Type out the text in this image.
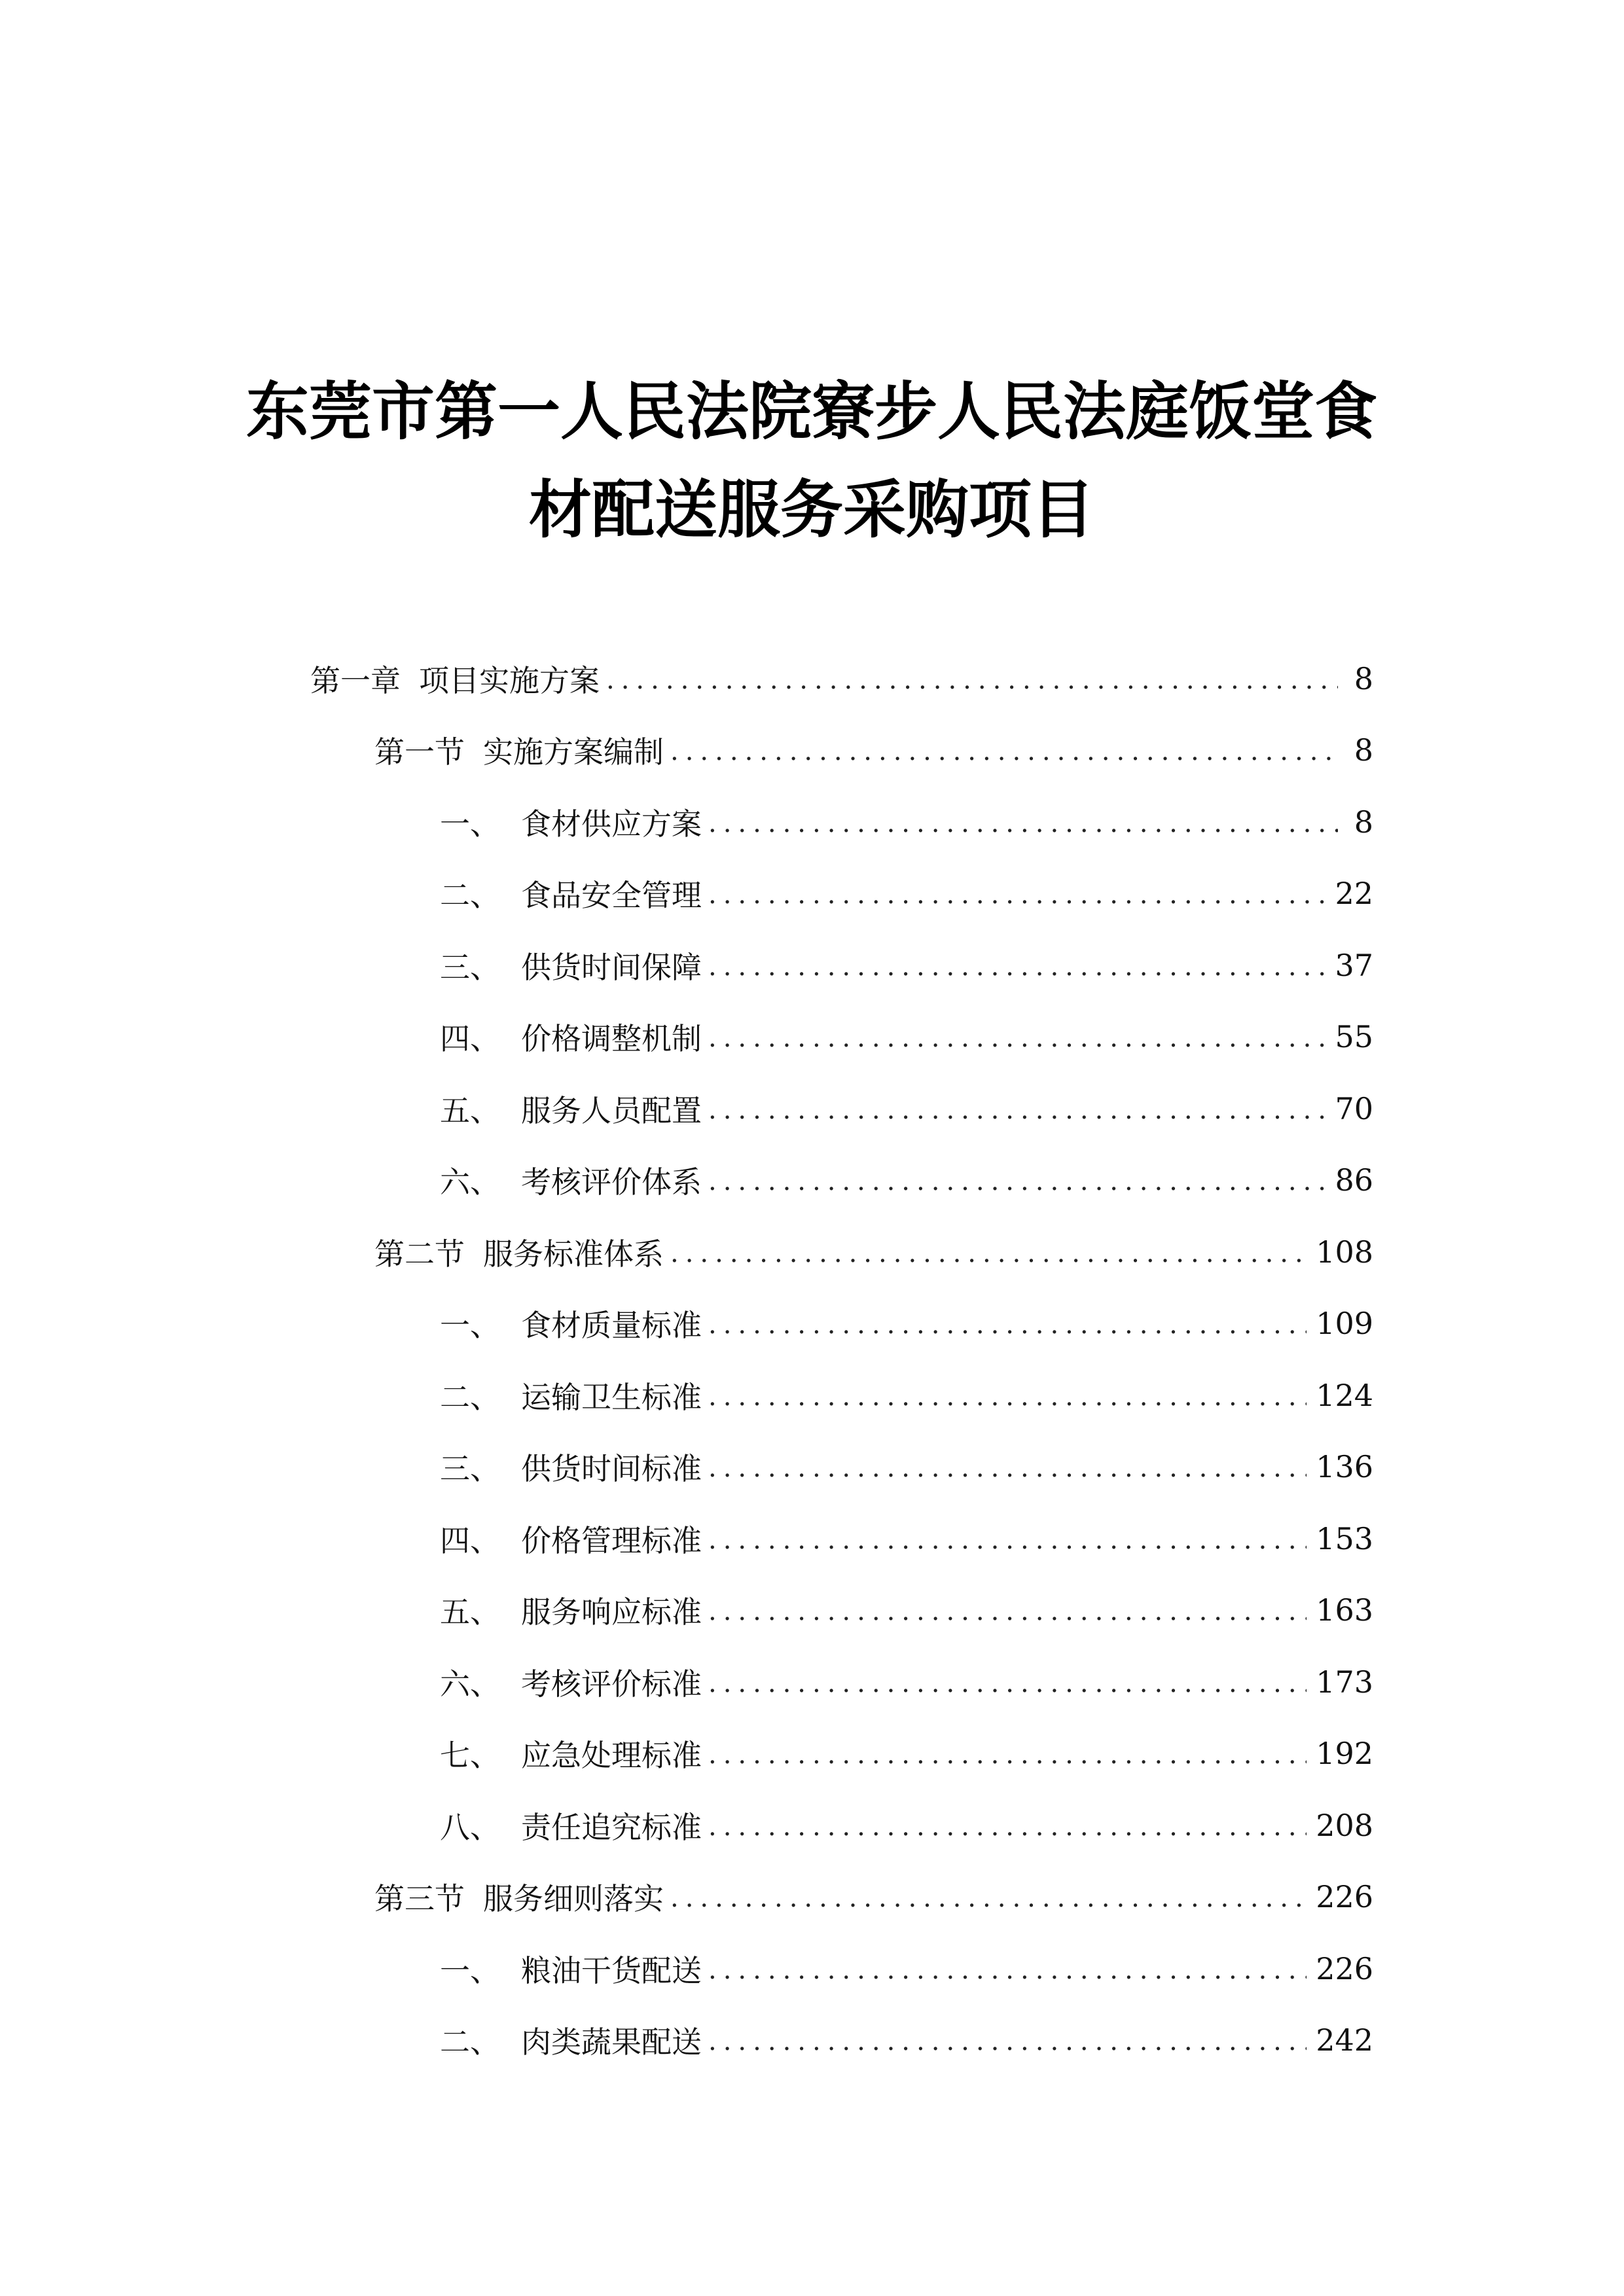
东莞市第一人民法院寮步人民法庭饭堂食
材配送服务采购项目
第一章 项目实施方案 .....	8
第一节 实施方案编制 .....	8
一、 食材供应方案 .....	8
二、 食品安全管理 .....	22
三、 供货时间保障 .....	37
四、 价格调整机制 .....	55
五、 服务人员配置 .....	70
六、 考核评价体系 .....	86
第二节 服务标准体系 .....	108
一、 食材质量标准 .....	109
二、 运输卫生标准 .....	124
三、 供货时间标准 .....	136
四、 价格管理标准 .....	153
五、 服务响应标准 .....	163
六、 考核评价标准 .....	173
七、 应急处理标准 .....	192
八、 责任追究标准 .....	208
第三节 服务细则落实 .....	226
一、 粮油干货配送 .....	226
二、 肉类蔬果配送 .....	242
